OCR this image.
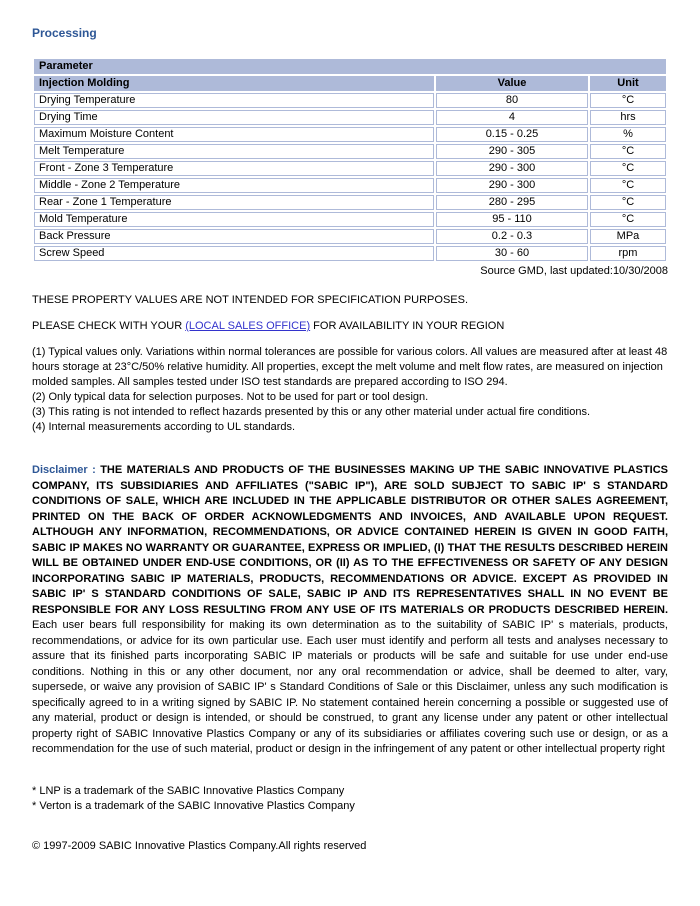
Processing
Parameter		
Injection Molding	Value	Unit
Drying Temperature	80	°C
Drying Time	4	hrs
Maximum Moisture Content	0.15 - 0.25	%
Melt Temperature	290 - 305	°C
Front - Zone 3 Temperature	290 - 300	°C
Middle - Zone 2 Temperature	290 - 300	°C
Rear - Zone 1 Temperature	280 - 295	°C
Mold Temperature	95 - 110	°C
Back Pressure	0.2 - 0.3	MPa
Screw Speed	30 - 60	rpm
Source GMD, last updated:10/30/2008

THESE PROPERTY VALUES ARE NOT INTENDED FOR SPECIFICATION PURPOSES.

PLEASE CHECK WITH YOUR (LOCAL SALES OFFICE) FOR AVAILABILITY IN YOUR REGION

(1) Typical values only. Variations within normal tolerances are possible for various colors. All values are measured after at least 48 hours storage at 23°C/50% relative humidity. All properties, except the melt volume and melt flow rates, are measured on injection molded samples. All samples tested under ISO test standards are prepared according to ISO 294.
(2) Only typical data for selection purposes. Not to be used for part or tool design.
(3) This rating is not intended to reflect hazards presented by this or any other material under actual fire conditions.
(4) Internal measurements according to UL standards.

Disclaimer : THE MATERIALS AND PRODUCTS OF THE BUSINESSES MAKING UP THE SABIC INNOVATIVE PLASTICS COMPANY, ITS SUBSIDIARIES AND AFFILIATES ("SABIC IP"), ARE SOLD SUBJECT TO SABIC IP' S STANDARD CONDITIONS OF SALE, WHICH ARE INCLUDED IN THE APPLICABLE DISTRIBUTOR OR OTHER SALES AGREEMENT, PRINTED ON THE BACK OF ORDER ACKNOWLEDGMENTS AND INVOICES, AND AVAILABLE UPON REQUEST. ALTHOUGH ANY INFORMATION, RECOMMENDATIONS, OR ADVICE CONTAINED HEREIN IS GIVEN IN GOOD FAITH, SABIC IP MAKES NO WARRANTY OR GUARANTEE, EXPRESS OR IMPLIED, (I) THAT THE RESULTS DESCRIBED HEREIN WILL BE OBTAINED UNDER END-USE CONDITIONS, OR (II) AS TO THE EFFECTIVENESS OR SAFETY OF ANY DESIGN INCORPORATING SABIC IP MATERIALS, PRODUCTS, RECOMMENDATIONS OR ADVICE. EXCEPT AS PROVIDED IN SABIC IP' S STANDARD CONDITIONS OF SALE, SABIC IP AND ITS REPRESENTATIVES SHALL IN NO EVENT BE RESPONSIBLE FOR ANY LOSS RESULTING FROM ANY USE OF ITS MATERIALS OR PRODUCTS DESCRIBED HEREIN. Each user bears full responsibility for making its own determination as to the suitability of SABIC IP' s materials, products, recommendations, or advice for its own particular use. Each user must identify and perform all tests and analyses necessary to assure that its finished parts incorporating SABIC IP materials or products will be safe and suitable for use under end-use conditions. Nothing in this or any other document, nor any oral recommendation or advice, shall be deemed to alter, vary, supersede, or waive any provision of SABIC IP' s Standard Conditions of Sale or this Disclaimer, unless any such modification is specifically agreed to in a writing signed by SABIC IP. No statement contained herein concerning a possible or suggested use of any material, product or design is intended, or should be construed, to grant any license under any patent or other intellectual property right of SABIC Innovative Plastics Company or any of its subsidiaries or affiliates covering such use or design, or as a recommendation for the use of such material, product or design in the infringement of any patent or other intellectual property right

* LNP is a trademark of the SABIC Innovative Plastics Company
* Verton is a trademark of the SABIC Innovative Plastics Company

© 1997-2009 SABIC Innovative Plastics Company.All rights reserved
